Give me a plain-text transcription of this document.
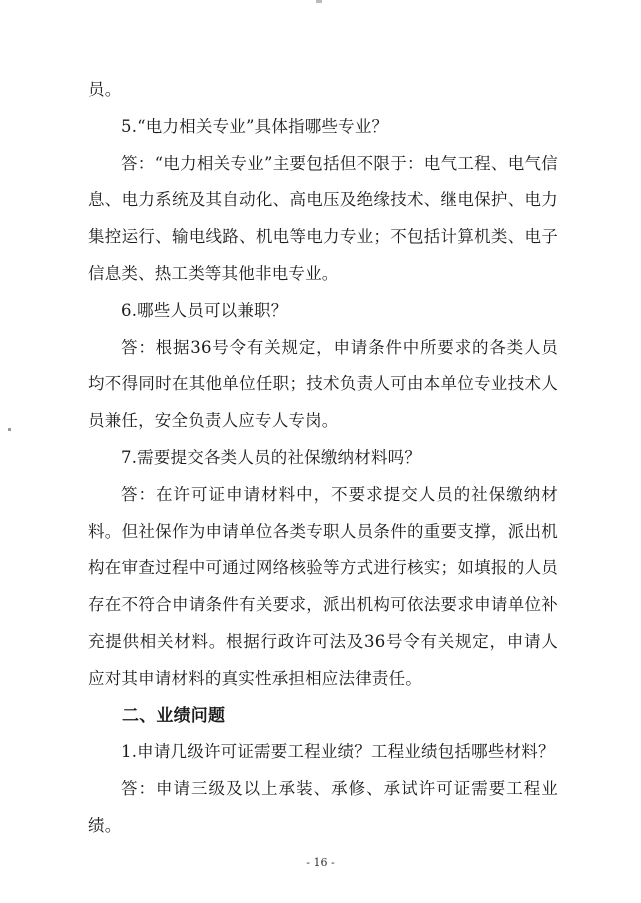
员。

5.“电力相关专业”具体指哪些专业？

答：“电力相关专业”主要包括但不限于：电气工程、电气信息、电力系统及其自动化、高电压及绝缘技术、继电保护、电力集控运行、输电线路、机电等电力专业；不包括计算机类、电子信息类、热工类等其他非电专业。

6.哪些人员可以兼职？

答：根据36号令有关规定，申请条件中所要求的各类人员均不得同时在其他单位任职；技术负责人可由本单位专业技术人员兼任，安全负责人应专人专岗。

7.需要提交各类人员的社保缴纳材料吗？

答：在许可证申请材料中，不要求提交人员的社保缴纳材料。但社保作为申请单位各类专职人员条件的重要支撑，派出机构在审查过程中可通过网络核验等方式进行核实；如填报的人员存在不符合申请条件有关要求，派出机构可依法要求申请单位补充提供相关材料。根据行政许可法及36号令有关规定，申请人应对其申请材料的真实性承担相应法律责任。

二、业绩问题

1.申请几级许可证需要工程业绩？工程业绩包括哪些材料？

答：申请三级及以上承装、承修、承试许可证需要工程业绩。

- 16 -
